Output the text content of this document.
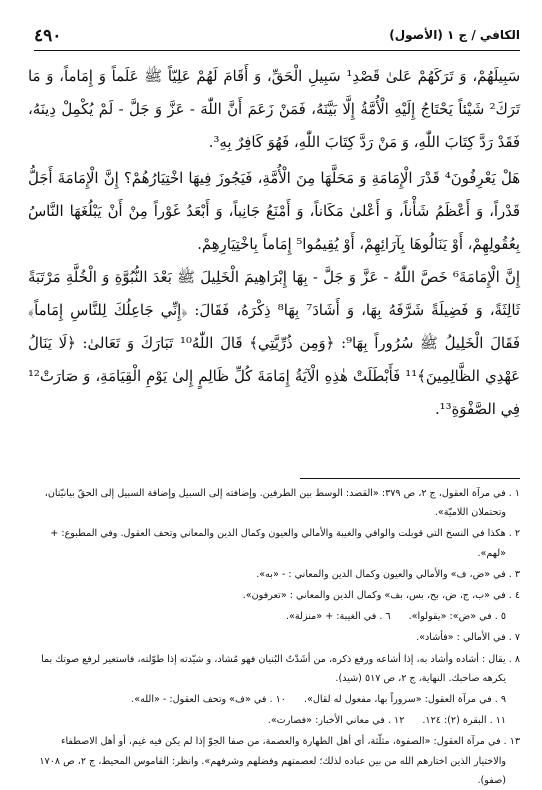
٤٩٠	الكافي / ج ١ (الأصول)

سَبِيلَهُمْ، وَ تَرَكَهُمْ عَلىٰ قَصْدِ¹ سَبِيلِ الْحَقِّ، وَ أَقَامَ لَهُمْ عَلِيّاً ﷺ عَلَماً وَ إِمَاماً، وَ مَا تَرَكَ² شَيْئاً يَحْتَاجُ إِلَيْهِ الْأُمَّةُ إِلَّا بَيَّنَهُ، فَمَنْ زَعَمَ أَنَّ اللّٰهَ - عَزَّ وَ جَلَّ - لَمْ يُكْمِلْ دِينَهُ، فَقَدْ رَدَّ كِتَابَ اللّٰهِ، وَ مَنْ رَدَّ كِتَابَ اللّٰهِ، فَهُوَ كَافِرٌ بِهِ³.

هَلْ يَعْرِفُونَ⁴ قَدْرَ الْإِمَامَةِ وَ مَحَلَّهَا مِنَ الْأُمَّةِ، فَيَجُوزَ فِيهَا اخْتِيَارُهُمْ؟ إِنَّ الْإِمَامَةَ أَجَلُّ قَدْراً، وَ أَعْظَمُ شَأْناً، وَ أَعْلىٰ مَكَاناً، وَ أَمْنَعُ جَانِباً، وَ أَبْعَدُ غَوْراً مِنْ أَنْ يَبْلُغَهَا النَّاسُ بِعُقُولِهِمْ، أَوْ يَنَالُوهَا بِآرَائِهِمْ، أَوْ يُقِيمُوا⁵ إِمَاماً بِاخْتِيَارِهِمْ.

إِنَّ الْإِمَامَةَ⁶ خَصَّ اللّٰهُ - عَزَّ وَ جَلَّ - بِهَا إِبْرَاهِيمَ الْخَلِيلَ ﷺ بَعْدَ النُّبُوَّةِ وَ الْخُلَّةِ مَرْتَبَةً ثَالِثَةً، وَ فَضِيلَةً شَرَّفَهُ بِهَا، وَ أَشَادَ⁷ بِهَا⁸ ذِكْرَهُ، فَقَالَ: ﴿إِنِّي جَاعِلُكَ لِلنَّاسِ إِمَاماً﴾ فَقَالَ الْخَلِيلُ ﷺ سُرُوراً بِهَا⁹: ﴿وَمِن ذُرِّيَّتِي﴾ قَالَ اللّٰهُ¹⁰ تَبَارَكَ وَ تَعَالىٰ: ﴿لَا يَنَالُ عَهْدِي الظَّالِمِينَ﴾¹¹ فَأَبْطَلَتْ هٰذِهِ الْآيَةُ إِمَامَةَ كُلِّ ظَالِمٍ إِلىٰ يَوْمِ الْقِيَامَةِ، وَ صَارَتْ¹² فِي الصَّفْوَةِ¹³.

١ . في مرآة العقول، ج ٢، ص ٣٧٩: «القصد: الوسط بين الطرفين. وإضافته إلى السبيل وإضافة السبيل إلى الحقّ بيانيّتان، وتحتملان اللاميّة».

٢ . هكذا في النسخ التي قوبلت والوافي والغيبة والأمالي والعيون وكمال الدين والمعاني وتحف العقول. وفي المطبوع: + «لهم».

٣ . في «ض، ف» والأمالي والعيون وكمال الدين والمعاني : - «به».

٤ . في «ب، ج، ض، بح، بس، بف» وكمال الدين والمعاني : «تعرفون».

٥ . في «ض»: «يقولوا».
٦ . في الغيبة: + «منزلة».

٧ . في الأمالي : «فأشاد».

٨ . يقال : أشاده وأشاد به، إذا أشاعه ورفع ذكره، من أشَدْتُ البُنيان فهو مُشاد، و شيّدته إذا طوّلته، فاستعير لرفع صوتك بما يكرهه صاحبك. النهاية، ج ٢، ص ٥١٧ (شيد).

٩ . في مرآة العقول: «سروراً بها، مفعول له لقال».
١٠ . في «ف» وتحف العقول: - «الله».
١١ . البقرة (٢): ١٢٤.
١٢ . في معاني الأخبار: «فصارت».

١٣ . في مرآة العقول: «الصفوة، مثلّثة، أي أهل الطهارة والعصمة، من صفا الجوّ إذا لم يكن فيه غيم، أو أهل الاصطفاء والاختيار الذين اختارهم الله من بين عباده لذلك؛ لعصمتهم وفضلهم وشرفهم». وانظر: القاموس المحيط، ج ٢، ص ١٧٠٨ (صفو).
